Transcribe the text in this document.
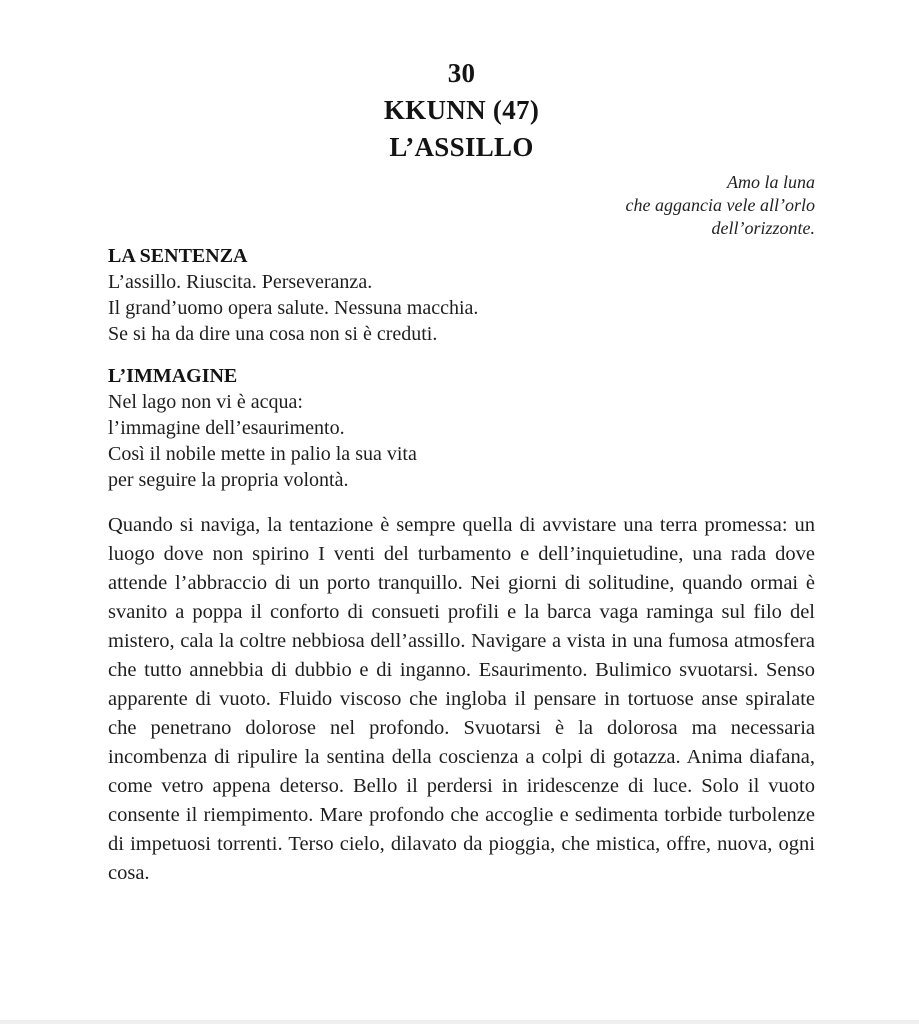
30
KKUNN (47)
L’ASSILLO
Amo la luna
che aggancia vele all’orlo
dell’orizzonte.
LA SENTENZA
L’assillo. Riuscita. Perseveranza.
Il grand’uomo opera salute. Nessuna macchia.
Se si ha da dire una cosa non si è creduti.
L’IMMAGINE
Nel lago non vi è acqua:
l’immagine dell’esaurimento.
Così il nobile mette in palio la sua vita
per seguire la propria volontà.

Quando si naviga, la tentazione è sempre quella di avvistare una terra promessa: un luogo dove non spirino I venti del turbamento e dell’inquietudine, una rada dove attende l’abbraccio di un porto tranquillo. Nei giorni di solitudine, quando ormai è svanito a poppa il conforto di consueti profili e la barca vaga raminga sul filo del mistero, cala la coltre nebbiosa dell’assillo. Navigare a vista in una fumosa atmosfera che tutto annebbia di dubbio e di inganno. Esaurimento. Bulimico svuotarsi. Senso apparente di vuoto. Fluido viscoso che ingloba il pensare in tortuose anse spiralate che penetrano dolorose nel profondo. Svuotarsi è la dolorosa ma necessaria incombenza di ripulire la sentina della coscienza a colpi di gotazza. Anima diafana, come vetro appena deterso. Bello il perdersi in iridescenze di luce. Solo il vuoto consente il riempimento. Mare profondo che accoglie e sedimenta torbide turbolenze di impetuosi torrenti. Terso cielo, dilavato da pioggia, che mistica, offre, nuova, ogni cosa.
